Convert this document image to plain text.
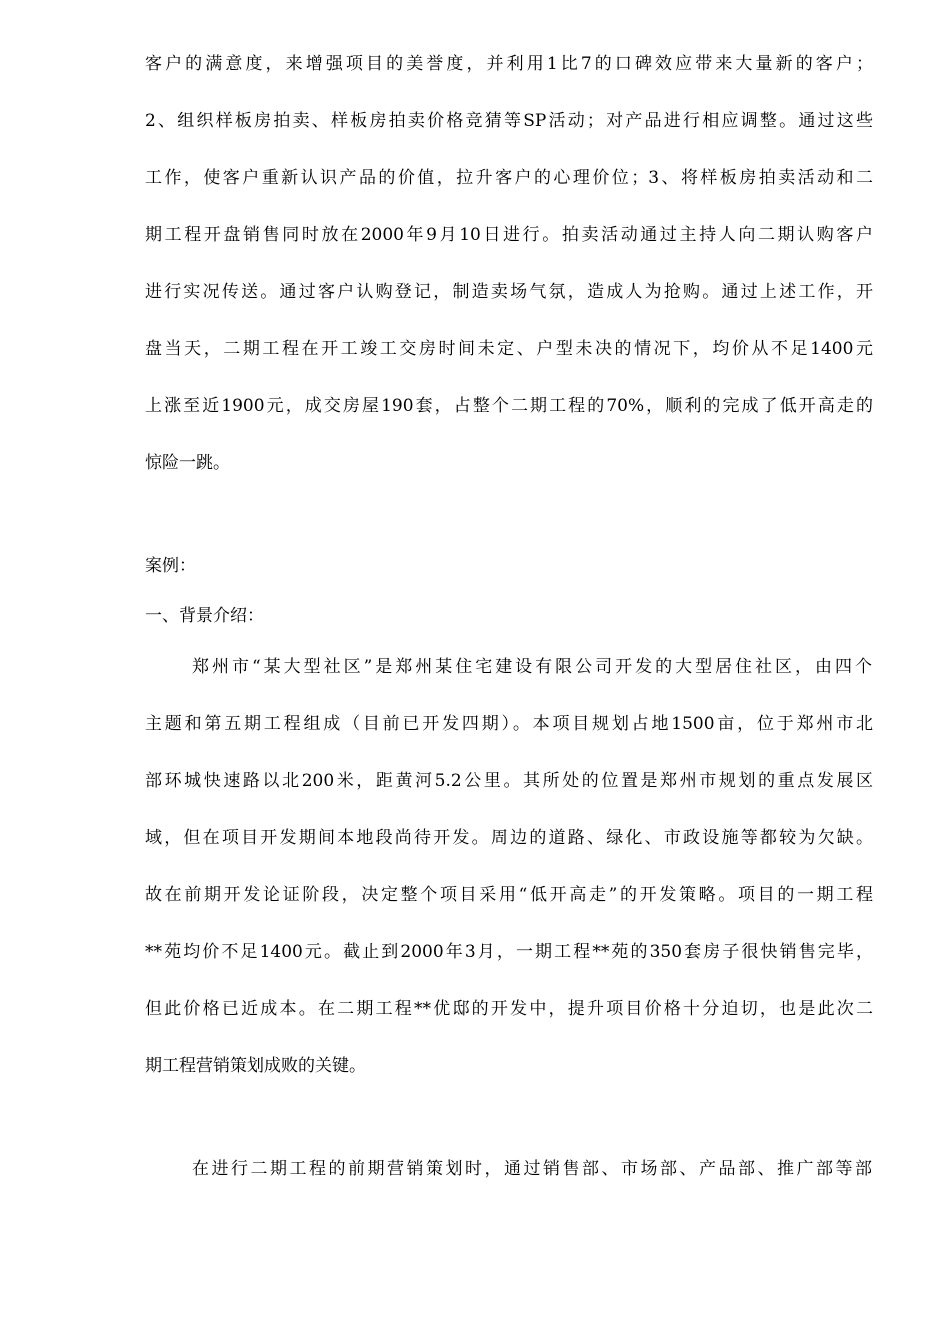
客户的满意度，来增强项目的美誉度，并利用1比7的口碑效应带来大量新的客户；
2、组织样板房拍卖、样板房拍卖价格竞猜等SP活动；对产品进行相应调整。通过这些
工作，使客户重新认识产品的价值，拉升客户的心理价位；3、将样板房拍卖活动和二
期工程开盘销售同时放在2000年9月10日进行。拍卖活动通过主持人向二期认购客户
进行实况传送。通过客户认购登记，制造卖场气氛，造成人为抢购。通过上述工作，开
盘当天，二期工程在开工竣工交房时间未定、户型未决的情况下，均价从不足1400元
上涨至近1900元，成交房屋190套，占整个二期工程的70%，顺利的完成了低开高走的
惊险一跳。
案例：
一、背景介绍：
郑州市“某大型社区”是郑州某住宅建设有限公司开发的大型居住社区，由四个
主题和第五期工程组成（目前已开发四期）。本项目规划占地1500亩，位于郑州市北
部环城快速路以北200米，距黄河5.2公里。其所处的位置是郑州市规划的重点发展区
域，但在项目开发期间本地段尚待开发。周边的道路、绿化、市政设施等都较为欠缺。
故在前期开发论证阶段，决定整个项目采用“低开高走”的开发策略。项目的一期工程
**苑均价不足1400元。截止到2000年3月，一期工程**苑的350套房子很快销售完毕，
但此价格已近成本。在二期工程**优邸的开发中，提升项目价格十分迫切，也是此次二
期工程营销策划成败的关键。
在进行二期工程的前期营销策划时，通过销售部、市场部、产品部、推广部等部
